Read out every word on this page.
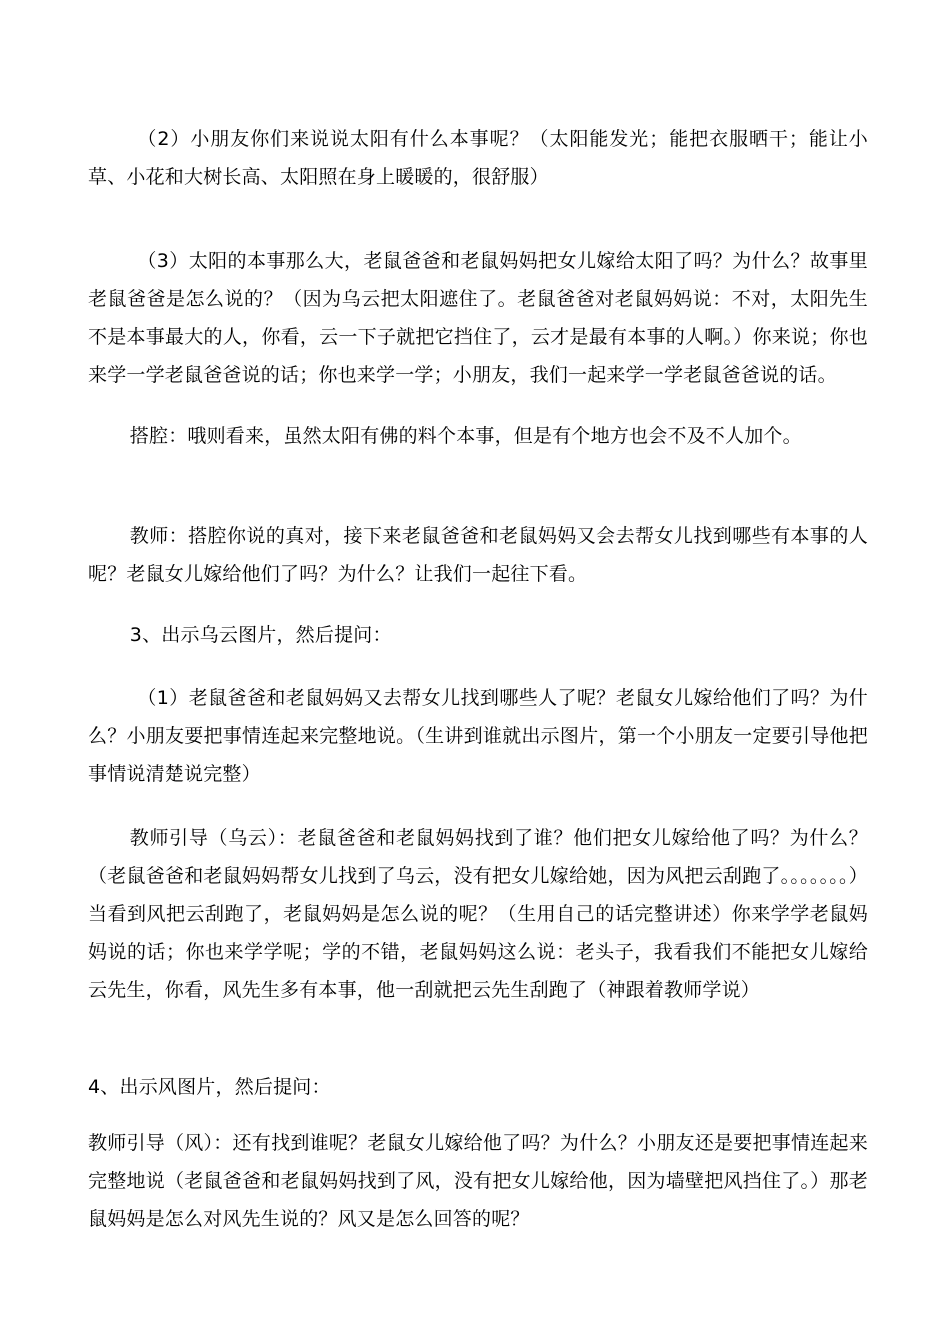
（2）小朋友你们来说说太阳有什么本事呢？（太阳能发光；能把衣服晒干；能让小草、小花和大树长高、太阳照在身上暖暖的，很舒服）

（3）太阳的本事那么大，老鼠爸爸和老鼠妈妈把女儿嫁给太阳了吗？为什么？故事里老鼠爸爸是怎么说的？（因为乌云把太阳遮住了。老鼠爸爸对老鼠妈妈说：不对，太阳先生不是本事最大的人，你看，云一下子就把它挡住了，云才是最有本事的人啊。）你来说；你也来学一学老鼠爸爸说的话；你也来学一学；小朋友，我们一起来学一学老鼠爸爸说的话。

搭腔：哦则看来，虽然太阳有佛的料个本事，但是有个地方也会不及不人加个。

教师：搭腔你说的真对，接下来老鼠爸爸和老鼠妈妈又会去帮女儿找到哪些有本事的人呢？老鼠女儿嫁给他们了吗？为什么？让我们一起往下看。

3、出示乌云图片，然后提问：

（1）老鼠爸爸和老鼠妈妈又去帮女儿找到哪些人了呢？老鼠女儿嫁给他们了吗？为什么？小朋友要把事情连起来完整地说。（生讲到谁就出示图片，第一个小朋友一定要引导他把事情说清楚说完整）

教师引导（乌云）：老鼠爸爸和老鼠妈妈找到了谁？他们把女儿嫁给他了吗？为什么？（老鼠爸爸和老鼠妈妈帮女儿找到了乌云，没有把女儿嫁给她，因为风把云刮跑了。。。。。。。）当看到风把云刮跑了，老鼠妈妈是怎么说的呢？（生用自己的话完整讲述）你来学学老鼠妈妈说的话；你也来学学呢；学的不错，老鼠妈妈这么说：老头子，我看我们不能把女儿嫁给云先生，你看，风先生多有本事，他一刮就把云先生刮跑了（神跟着教师学说）

4、出示风图片，然后提问：

教师引导（风）：还有找到谁呢？老鼠女儿嫁给他了吗？为什么？小朋友还是要把事情连起来完整地说（老鼠爸爸和老鼠妈妈找到了风，没有把女儿嫁给他，因为墙壁把风挡住了。）那老鼠妈妈是怎么对风先生说的？风又是怎么回答的呢？
